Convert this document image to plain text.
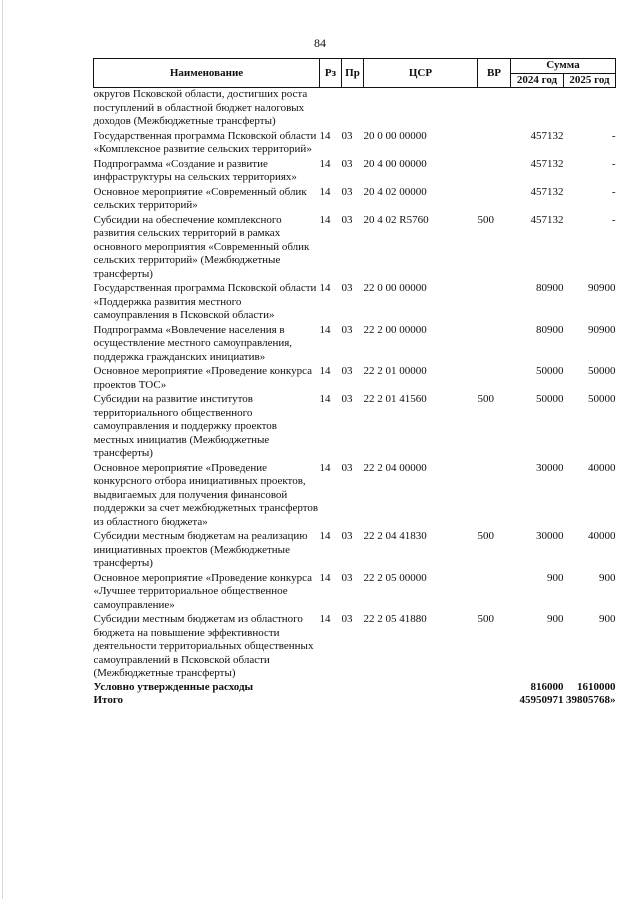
84
Наименование	Рз	Пр	ЦСР	ВР	Сумма	
					2024 год	2025 год
округов Псковской области, достигших роста поступлений в областной бюджет налоговых доходов (Межбюджетные трансферты)						
Государственная программа Псковской области «Комплексное развитие сельских территорий»	14	03	20 0 00 00000		457132	-
Подпрограмма «Создание и развитие инфраструктуры на сельских территориях»	14	03	20 4 00 00000		457132	-
Основное мероприятие «Современный облик сельских территорий»	14	03	20 4 02 00000		457132	-
Субсидии на обеспечение комплексного развития сельских территорий в рамках основного мероприятия «Современный облик сельских территорий» (Межбюджетные трансферты)	14	03	20 4 02 R5760	500	457132	-
Государственная программа Псковской области «Поддержка развития местного самоуправления в Псковской области»	14	03	22 0 00 00000		80900	90900
Подпрограмма «Вовлечение населения в осуществление местного самоуправления, поддержка гражданских инициатив»	14	03	22 2 00 00000		80900	90900
Основное мероприятие «Проведение конкурса проектов ТОС»	14	03	22 2 01 00000		50000	50000
Субсидии на развитие институтов территориального общественного самоуправления и поддержку проектов местных инициатив (Межбюджетные трансферты)	14	03	22 2 01 41560	500	50000	50000
Основное мероприятие «Проведение конкурсного отбора инициативных проектов, выдвигаемых для получения финансовой поддержки за счет межбюджетных трансфертов из областного бюджета»	14	03	22 2 04 00000		30000	40000
Субсидии местным бюджетам на реализацию инициативных проектов (Межбюджетные трансферты)	14	03	22 2 04 41830	500	30000	40000
Основное мероприятие «Проведение конкурса «Лучшее территориальное общественное самоуправление»	14	03	22 2 05 00000		900	900
Субсидии местным бюджетам из областного бюджета на повышение эффективности деятельности территориальных общественных самоуправлений в Псковской области (Межбюджетные трансферты)	14	03	22 2 05 41880	500	900	900
Условно утвержденные расходы					816000	1610000
Итого					45950971	39805768»
